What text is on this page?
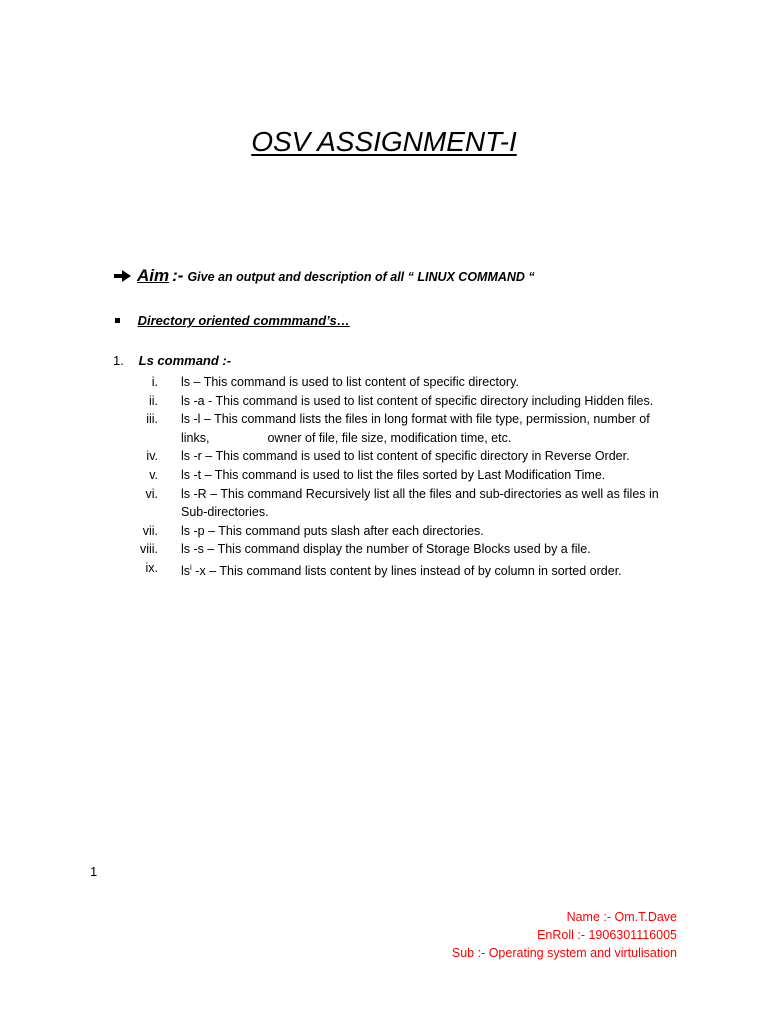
OSV ASSIGNMENT-I
Aim :- Give an output and description of all “ LINUX COMMAND “
Directory oriented commmand’s…
1. Ls command :-
i. ls – This command is used to list content of specific directory.
ii. ls -a - This command is used to list content of specific directory including Hidden files.
iii. ls -l – This command lists the files in long format with file type, permission, number of
links,	owner of file, file size, modification time, etc.
iv. ls -r – This command is used to list content of specific directory in Reverse Order.
v. ls -t – This command is used to list the files sorted by Last Modification Time.
vi. ls -R – This command Recursively list all the files and sub-directories as well as files in
Sub-directories.
vii. ls -p – This command puts slash after each directories.
viii. ls -s – This command display the number of Storage Blocks used by a file.
ix. $ls^i$ -x – This command lists content by lines instead of by column in sorted order.
1
Name :- Om.T.Dave
EnRoll :- 1906301116005
Sub :- Operating system and virtulisation
